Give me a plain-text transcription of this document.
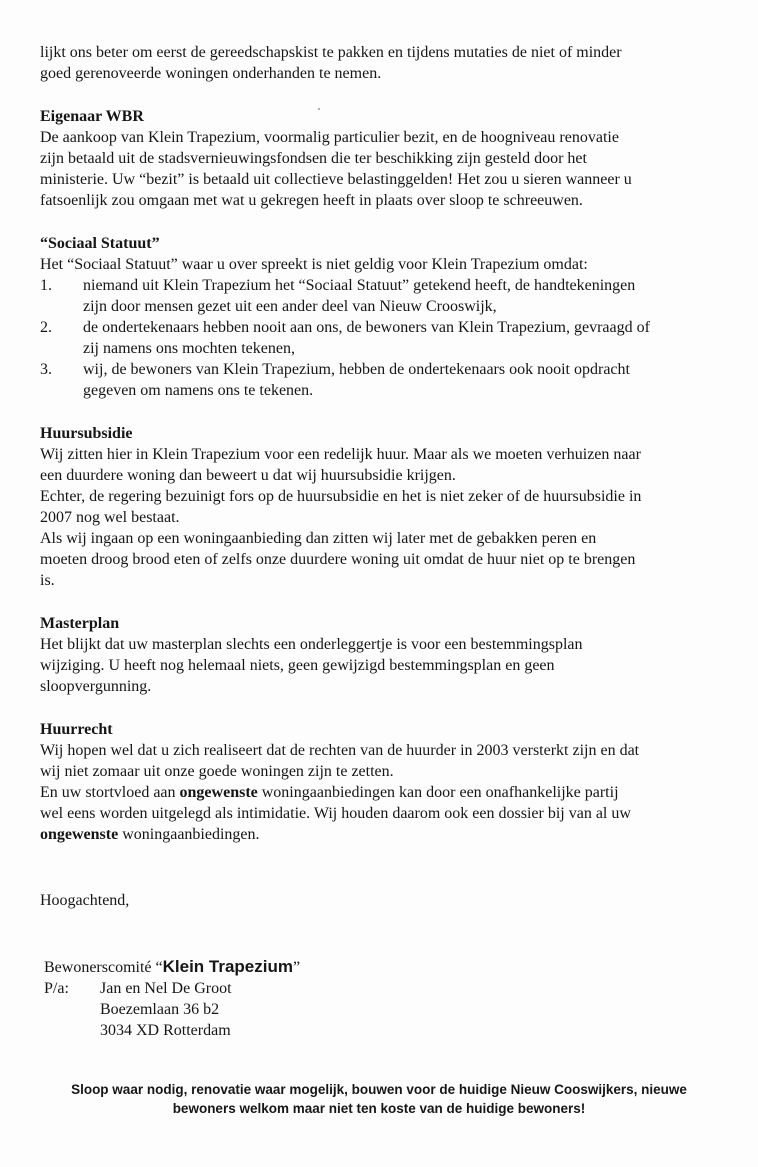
lijkt ons beter om eerst de gereedschapskist te pakken en tijdens mutaties de niet of minder

goed gerenoveerde woningen onderhanden te nemen.

Eigenaar WBR

De aankoop van Klein Trapezium, voormalig particulier bezit, en de hoogniveau renovatie

zijn betaald uit de stadsvernieuwingsfondsen die ter beschikking zijn gesteld door het

ministerie. Uw “bezit” is betaald uit collectieve belastinggelden! Het zou u sieren wanneer u

fatsoenlijk zou omgaan met wat u gekregen heeft in plaats over sloop te schreeuwen.

“Sociaal Statuut”

Het “Sociaal Statuut” waar u over spreekt is niet geldig voor Klein Trapezium omdat:

1. niemand uit Klein Trapezium het “Sociaal Statuut” getekend heeft, de handtekeningen
zijn door mensen gezet uit een ander deel van Nieuw Crooswijk,
2. de ondertekenaars hebben nooit aan ons, de bewoners van Klein Trapezium, gevraagd of
zij namens ons mochten tekenen,
3. wij, de bewoners van Klein Trapezium, hebben de ondertekenaars ook nooit opdracht
gegeven om namens ons te tekenen.
Huursubsidie

Wij zitten hier in Klein Trapezium voor een redelijk huur. Maar als we moeten verhuizen naar

een duurdere woning dan beweert u dat wij huursubsidie krijgen.

Echter, de regering bezuinigt fors op de huursubsidie en het is niet zeker of de huursubsidie in

2007 nog wel bestaat.

Als wij ingaan op een woningaanbieding dan zitten wij later met de gebakken peren en

moeten droog brood eten of zelfs onze duurdere woning uit omdat de huur niet op te brengen

is.

Masterplan

Het blijkt dat uw masterplan slechts een onderleggertje is voor een bestemmingsplan

wijziging. U heeft nog helemaal niets, geen gewijzigd bestemmingsplan en geen

sloopvergunning.

Huurrecht

Wij hopen wel dat u zich realiseert dat de rechten van de huurder in 2003 versterkt zijn en dat

wij niet zomaar uit onze goede woningen zijn te zetten.

En uw stortvloed aan ongewenste woningaanbiedingen kan door een onafhankelijke partij

wel eens worden uitgelegd als intimidatie. Wij houden daarom ook een dossier bij van al uw

ongewenste woningaanbiedingen.

Hoogachtend,

Bewonerscomité “Klein Trapezium”

P/a:	Jan en Nel De Groot

Boezemlaan 36 b2

3034 XD Rotterdam

Sloop waar nodig, renovatie waar mogelijk, bouwen voor de huidige Nieuw Cooswijkers, nieuwe

bewoners welkom maar niet ten koste van de huidige bewoners!
